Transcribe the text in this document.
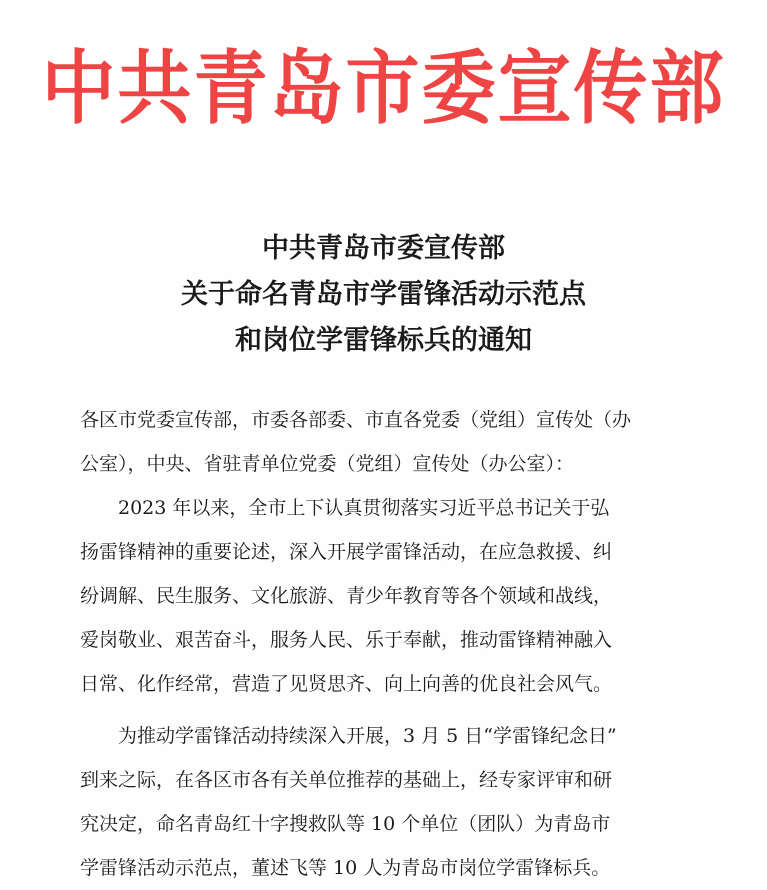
中共青岛市委宣传部
中共青岛市委宣传部
关于命名青岛市学雷锋活动示范点
和岗位学雷锋标兵的通知
各区市党委宣传部，市委各部委、市直各党委（党组）宣传处（办
公室），中央、省驻青单位党委（党组）宣传处（办公室）：
　　2023 年以来，全市上下认真贯彻落实习近平总书记关于弘
扬雷锋精神的重要论述，深入开展学雷锋活动，在应急救援、纠
纷调解、民生服务、文化旅游、青少年教育等各个领域和战线，
爱岗敬业、艰苦奋斗，服务人民、乐于奉献，推动雷锋精神融入
日常、化作经常，营造了见贤思齐、向上向善的优良社会风气。
　　为推动学雷锋活动持续深入开展，3 月 5 日“学雷锋纪念日”
到来之际，在各区市各有关单位推荐的基础上，经专家评审和研
究决定，命名青岛红十字搜救队等 10 个单位（团队）为青岛市
学雷锋活动示范点，董述飞等 10 人为青岛市岗位学雷锋标兵。
